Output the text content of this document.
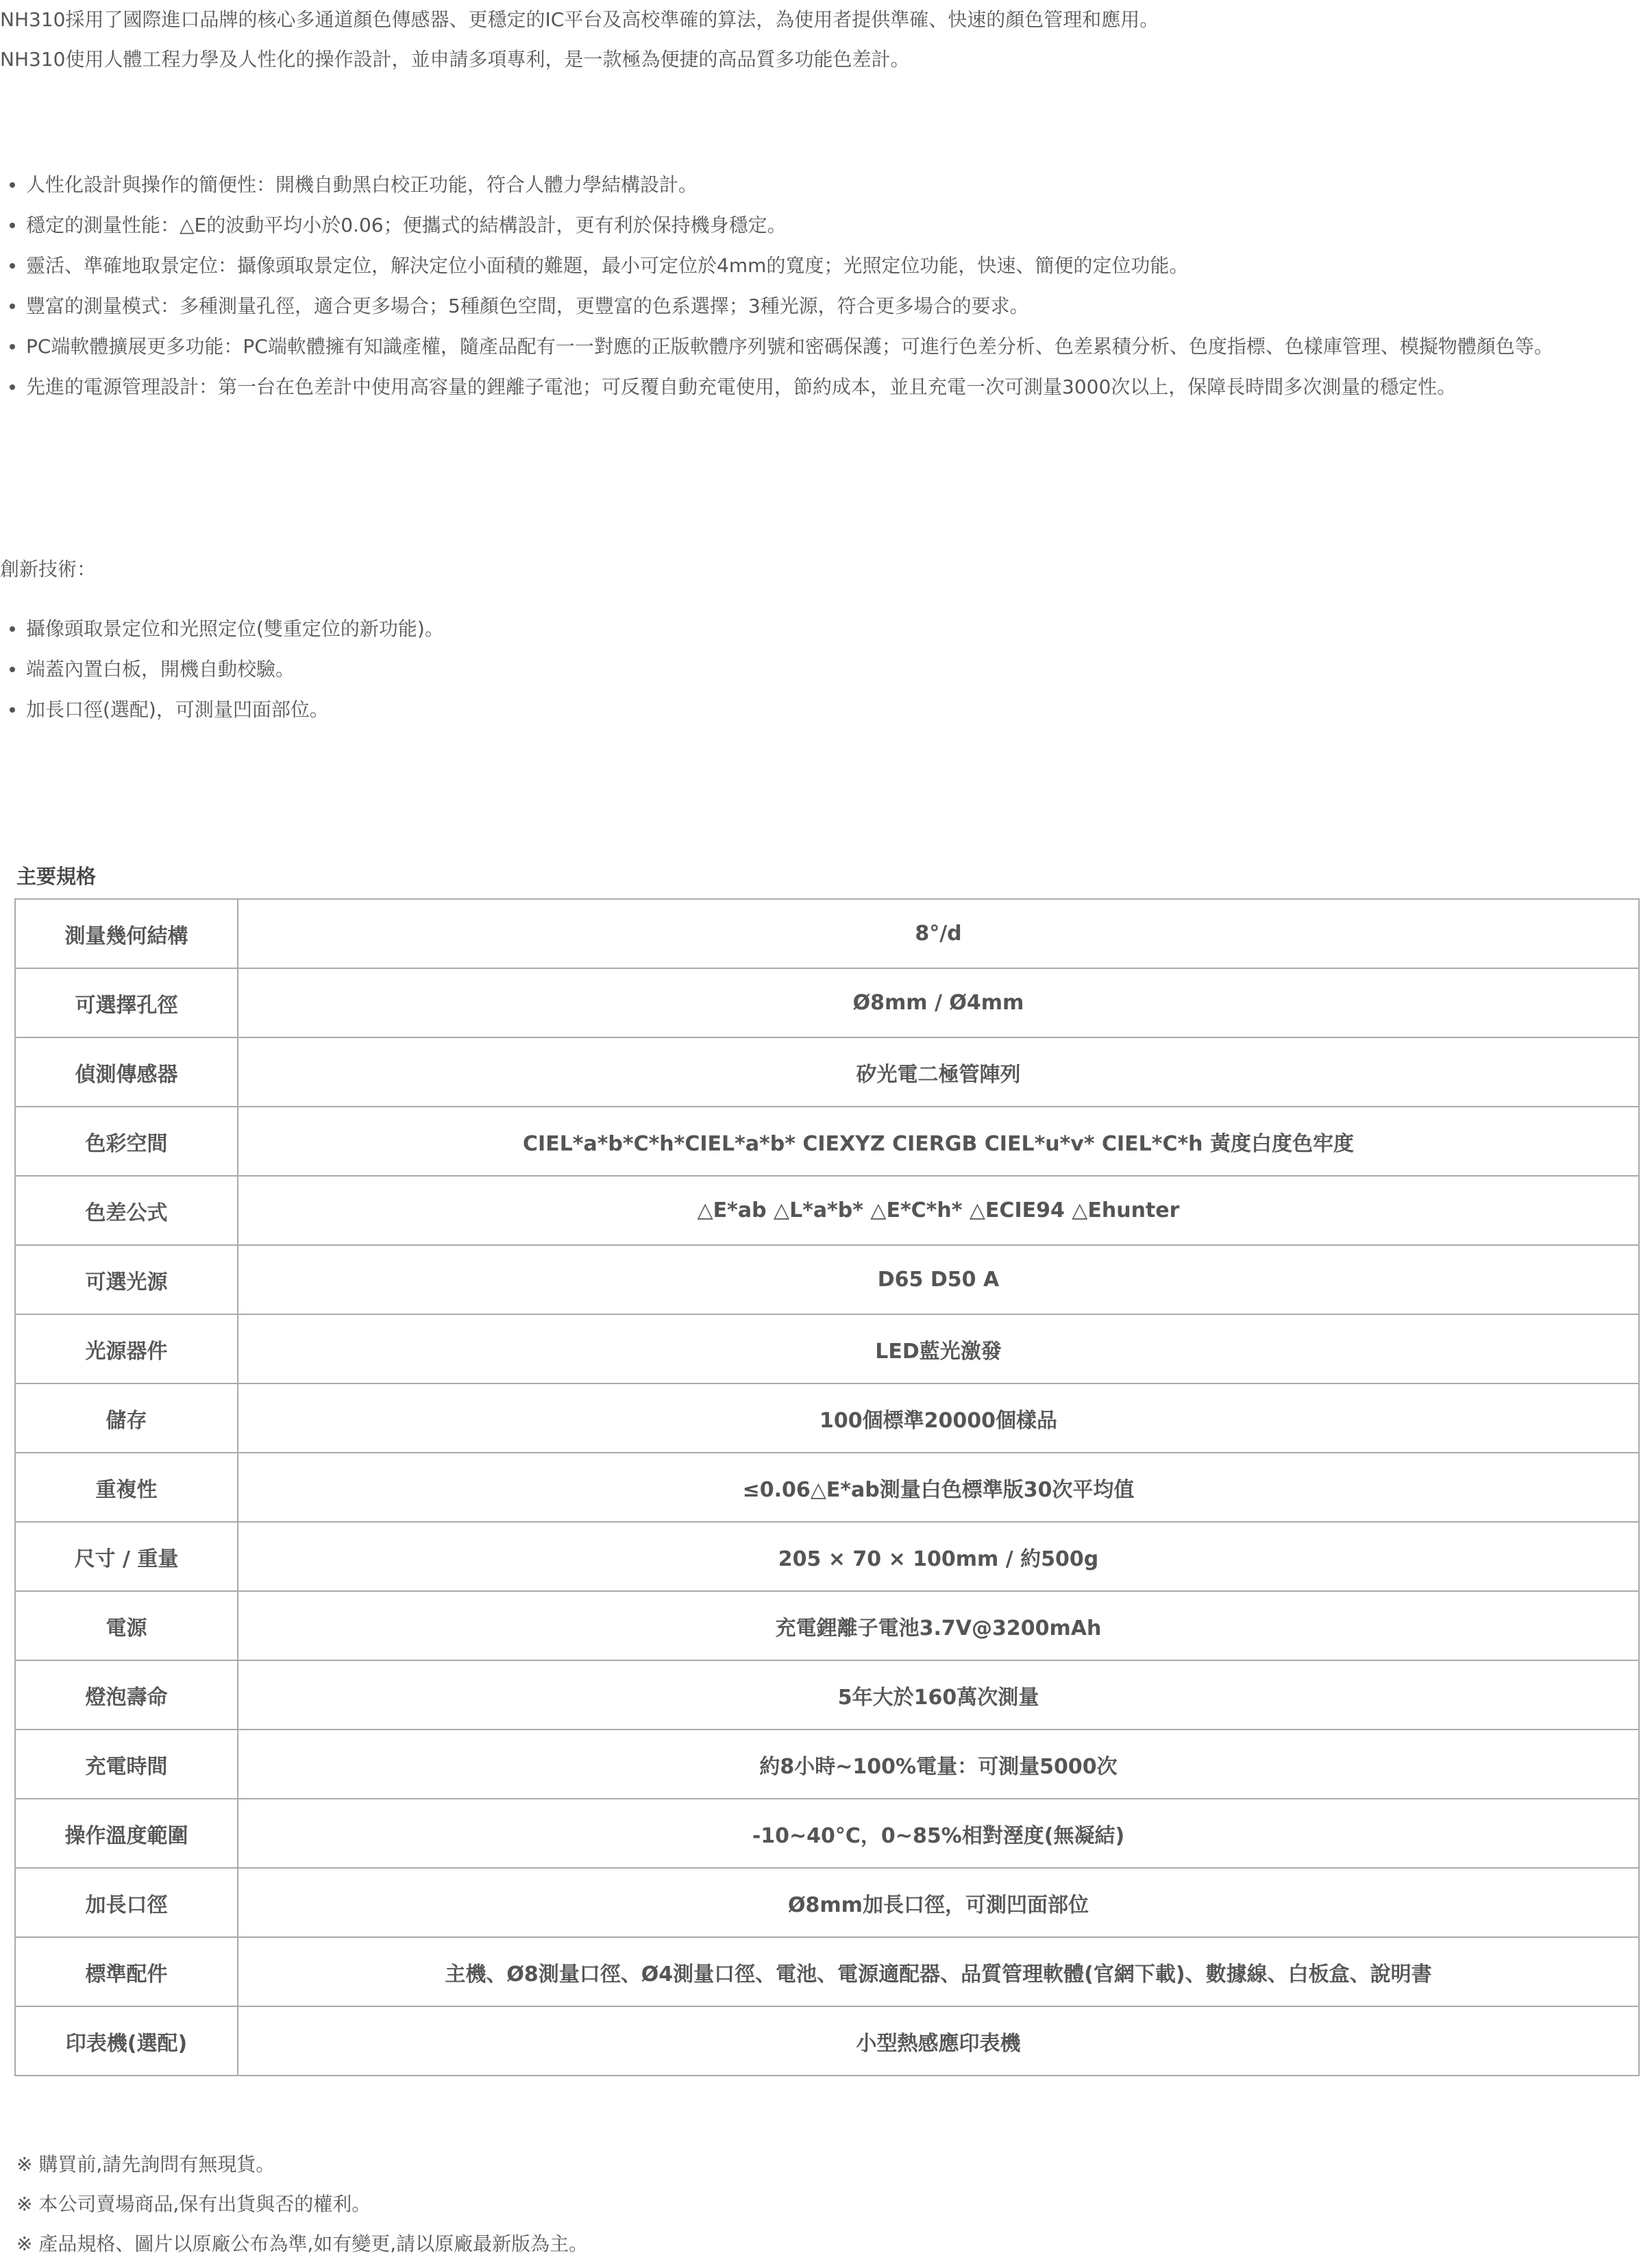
NH310採用了國際進口品牌的核心多通道顏色傳感器、更穩定的IC平台及高校準確的算法，為使用者提供準確、快速的顏色管理和應用。

NH310使用人體工程力學及人性化的操作設計，並申請多項專利，是一款極為便捷的高品質多功能色差計。

人性化設計與操作的簡便性：開機自動黑白校正功能，符合人體力學結構設計。
穩定的測量性能：△E的波動平均小於0.06；便攜式的結構設計，更有利於保持機身穩定。
靈活、準確地取景定位：攝像頭取景定位，解決定位小面積的難題，最小可定位於4mm的寬度；光照定位功能，快速、簡便的定位功能。
豐富的測量模式：多種測量孔徑，適合更多場合；5種顏色空間，更豐富的色系選擇；3種光源，符合更多場合的要求。
PC端軟體擴展更多功能：PC端軟體擁有知識產權，隨產品配有一一對應的正版軟體序列號和密碼保護；可進行色差分析、色差累積分析、色度指標、色樣庫管理、模擬物體顏色等。
先進的電源管理設計：第一台在色差計中使用高容量的鋰離子電池；可反覆自動充電使用，節約成本，並且充電一次可測量3000次以上，保障長時間多次測量的穩定性。

創新技術：

攝像頭取景定位和光照定位(雙重定位的新功能)。
端蓋內置白板，開機自動校驗。
加長口徑(選配)，可測量凹面部位。

主要規格

測量幾何結構	8°/d
可選擇孔徑	Ø8mm / Ø4mm
偵測傳感器	矽光電二極管陣列
色彩空間	CIEL*a*b*C*h*CIEL*a*b* CIEXYZ CIERGB CIEL*u*v* CIEL*C*h 黃度白度色牢度
色差公式	△E*ab △L*a*b* △E*C*h* △ECIE94 △Ehunter
可選光源	D65 D50 A
光源器件	LED藍光激發
儲存	100個標準20000個樣品
重複性	≤0.06△E*ab測量白色標準版30次平均值
尺寸 / 重量	205 × 70 × 100mm / 約500g
電源	充電鋰離子電池3.7V@3200mAh
燈泡壽命	5年大於160萬次測量
充電時間	約8小時~100%電量：可測量5000次
操作溫度範圍	-10~40°C，0~85%相對溼度(無凝結)
加長口徑	Ø8mm加長口徑，可測凹面部位
標準配件	主機、Ø8測量口徑、Ø4測量口徑、電池、電源適配器、品質管理軟體(官網下載)、數據線、白板盒、說明書
印表機(選配)	小型熱感應印表機
※ 購買前,請先詢問有無現貨。
※ 本公司賣場商品,保有出貨與否的權利。
※ 產品規格、圖片以原廠公布為準,如有變更,請以原廠最新版為主。
